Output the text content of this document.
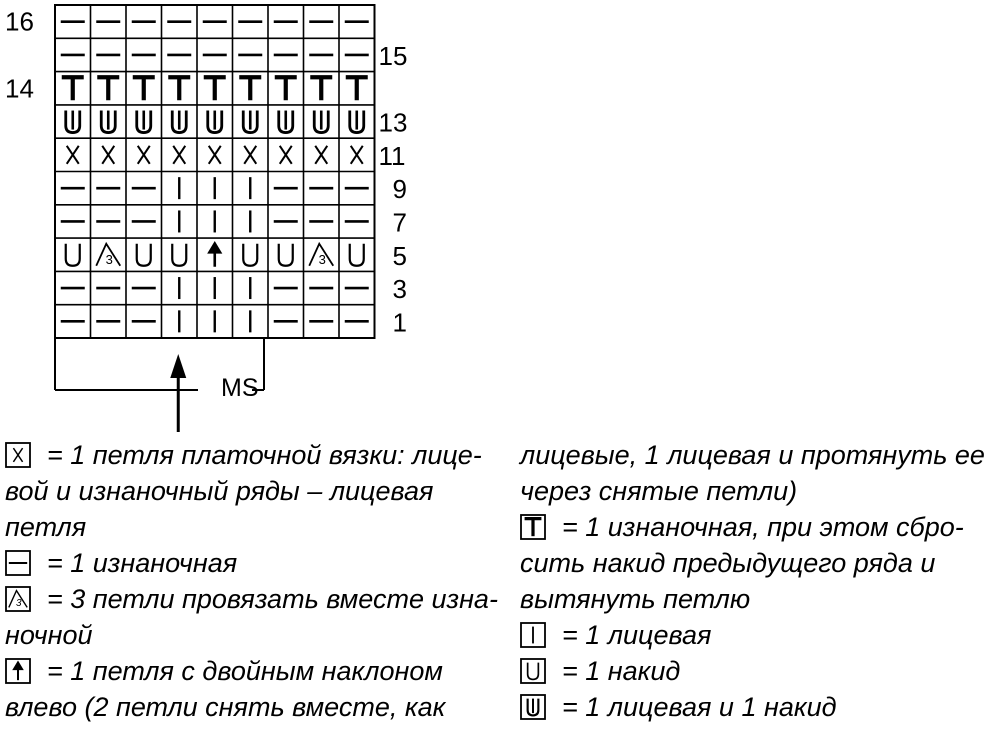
3	3
16
14
15
13
11
9
7
5
3
1
MS
= 1 петля платочной вязки: лице-
вой и изнаночный ряды – лицевая
петля
= 1 изнаночная
3 = 3 петли провязать вместе изна-
ночной
= 1 петля с двойным наклоном
влево (2 петли снять вместе, как
лицевые, 1 лицевая и протянуть ее
через снятые петли)
= 1 изнаночная, при этом сбро-
сить накид предыдущего ряда и
вытянуть петлю
= 1 лицевая
= 1 накид
= 1 лицевая и 1 накид
